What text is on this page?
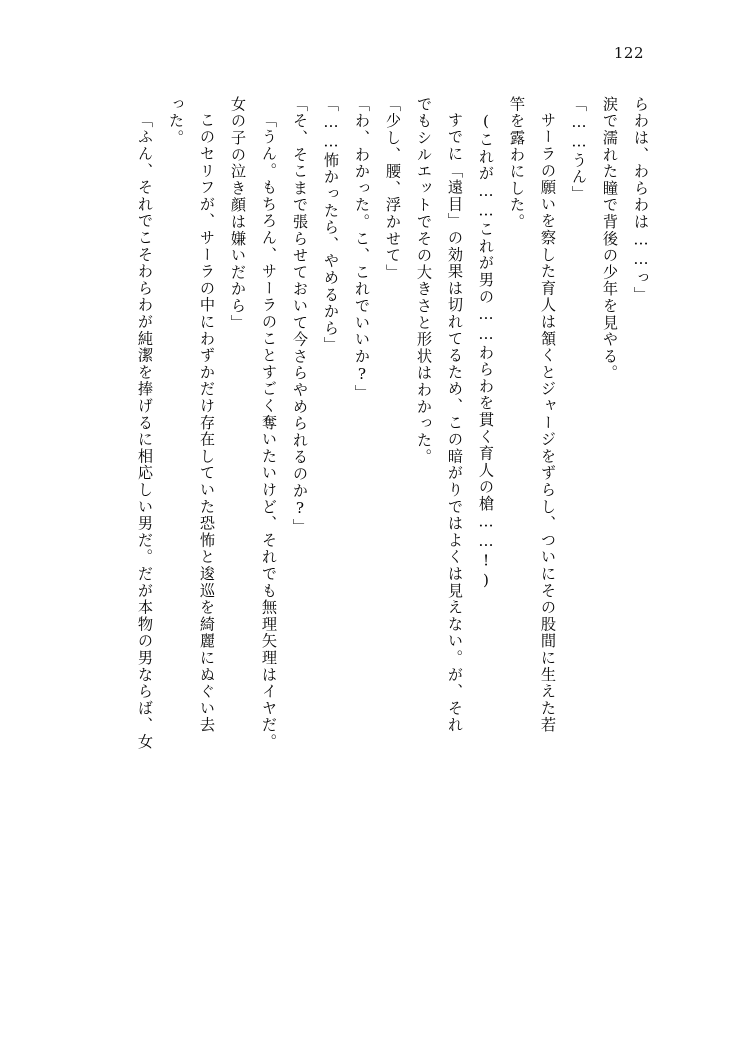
122
らわは、わらわは……っ」
涙で濡れた瞳で背後の少年を見やる。
「……うん」
サーラの願いを察した育人は頷くとジャージをずらし、ついにその股間に生えた若
竿を露わにした。
(これが……これが男の……わらわを貫く育人の槍……!)
すでに「遠目」の効果は切れてるため、この暗がりではよくは見えない。が、それ
でもシルエットでその大きさと形状はわかった。
「少し、腰、浮かせて」
「わ、わかった。こ、これでいいか?」
「……怖かったら、やめるから」
「そ、そこまで張らせておいて今さらやめられるのか?」
「うん。もちろん、サーラのことすごく奪いたいけど、それでも無理矢理はイヤだ。
女の子の泣き顔は嫌いだから」
このセリフが、サーラの中にわずかだけ存在していた恐怖と逡巡を綺麗にぬぐい去
った。
「ふん、それでこそわらわが純潔を捧げるに相応しい男だ。だが本物の男ならば、女
